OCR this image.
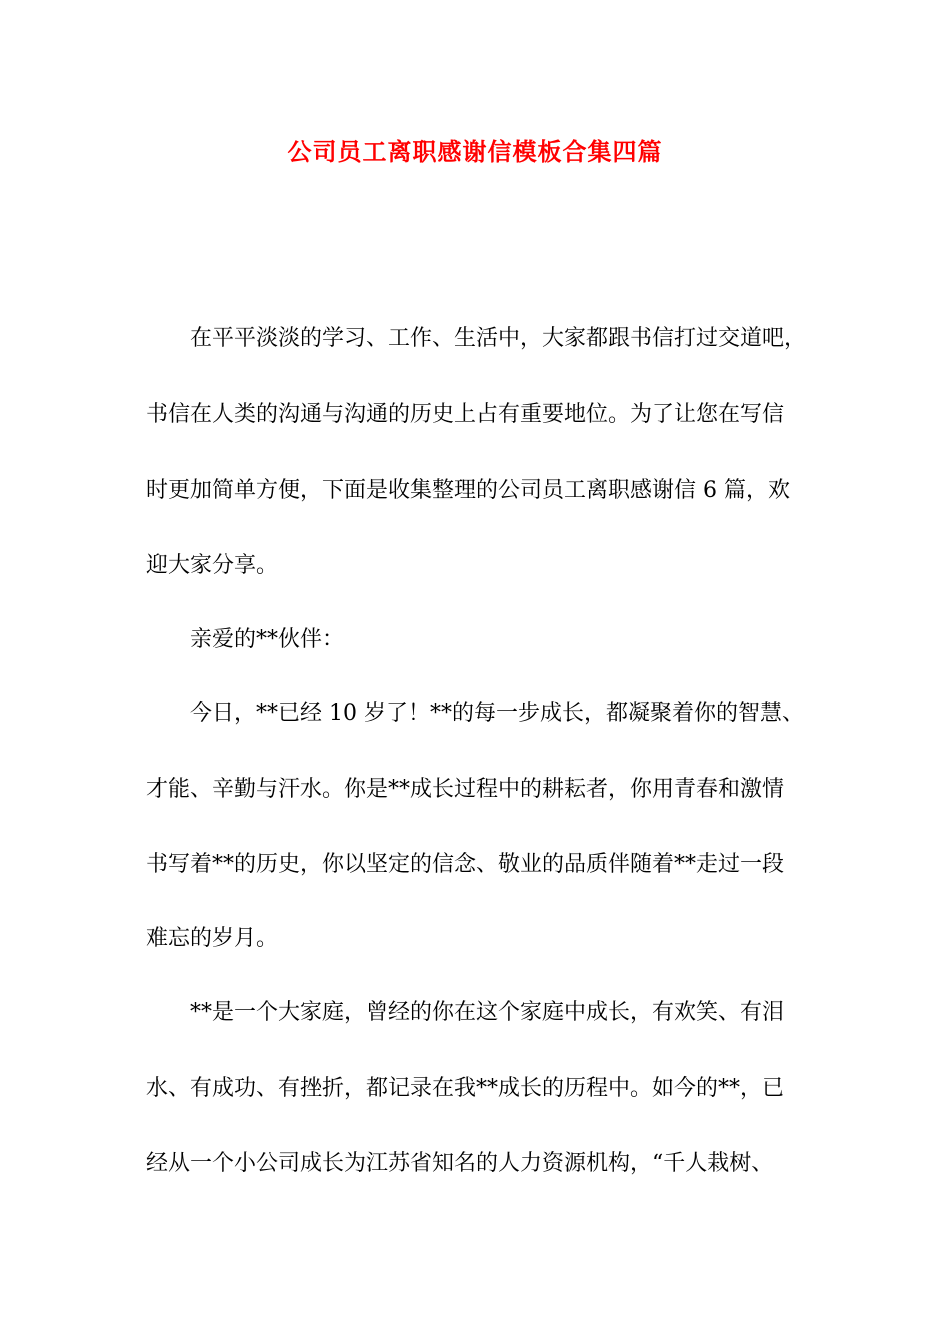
公司员工离职感谢信模板合集四篇
在平平淡淡的学习、工作、生活中，大家都跟书信打过交道吧，
书信在人类的沟通与沟通的历史上占有重要地位。为了让您在写信
时更加简单方便，下面是收集整理的公司员工离职感谢信 6 篇，欢
迎大家分享。
亲爱的**伙伴：
今日，**已经 10 岁了！**的每一步成长，都凝聚着你的智慧、
才能、辛勤与汗水。你是**成长过程中的耕耘者，你用青春和激情
书写着**的历史，你以坚定的信念、敬业的品质伴随着**走过一段
难忘的岁月。
**是一个大家庭，曾经的你在这个家庭中成长，有欢笑、有泪
水、有成功、有挫折，都记录在我**成长的历程中。如今的**，已
经从一个小公司成长为江苏省知名的人力资源机构，“千人栽树、
